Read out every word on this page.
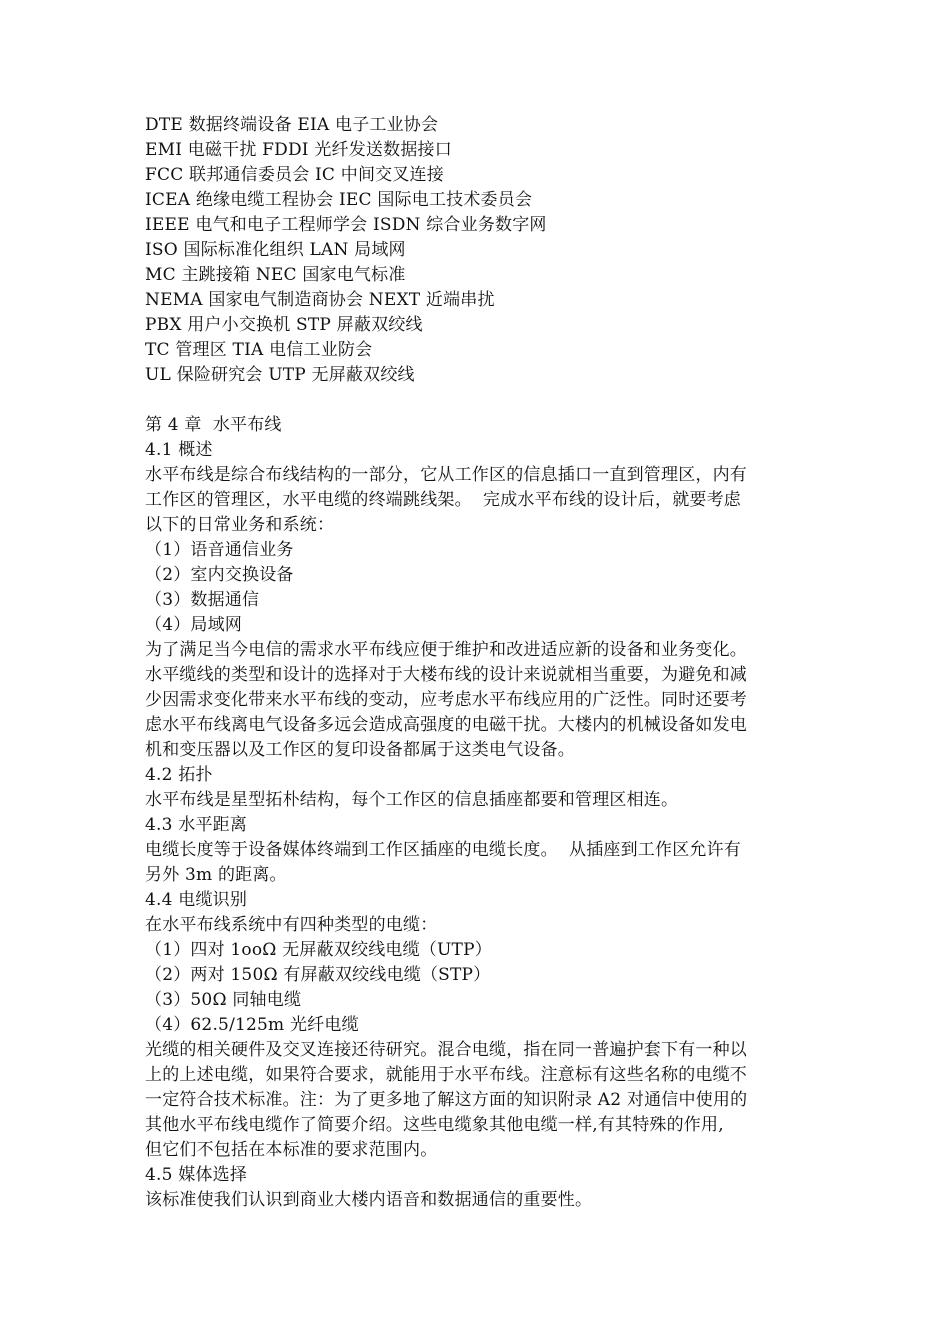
DTE 数据终端设备 EIA 电子工业协会
EMI 电磁干扰 FDDI 光纤发送数据接口
FCC 联邦通信委员会 IC 中间交叉连接
ICEA 绝缘电缆工程协会 IEC 国际电工技术委员会
IEEE 电气和电子工程师学会 ISDN 综合业务数字网
ISO 国际标准化组织 LAN 局域网
MC 主跳接箱 NEC 国家电气标准
NEMA 国家电气制造商协会 NEXT 近端串扰
PBX 用户小交换机 STP 屏蔽双绞线
TC 管理区 TIA 电信工业防会
UL 保险研究会 UTP 无屏蔽双绞线
第 4 章  水平布线
4.1 概述
水平布线是综合布线结构的一部分，它从工作区的信息插口一直到管理区，内有
工作区的管理区，水平电缆的终端跳线架。  完成水平布线的设计后，就要考虑
以下的日常业务和系统：
（1）语音通信业务
（2）室内交换设备
（3）数据通信
（4）局域网
为了满足当今电信的需求水平布线应便于维护和改进适应新的设备和业务变化。
水平缆线的类型和设计的选择对于大楼布线的设计来说就相当重要，为避免和减
少因需求变化带来水平布线的变动，应考虑水平布线应用的广泛性。同时还要考
虑水平布线离电气设备多远会造成高强度的电磁干扰。大楼内的机械设备如发电
机和变压器以及工作区的复印设备都属于这类电气设备。
4.2 拓扑
水平布线是星型拓朴结构，每个工作区的信息插座都要和管理区相连。
4.3 水平距离
电缆长度等于设备媒体终端到工作区插座的电缆长度。  从插座到工作区允许有
另外 3m 的距离。
4.4 电缆识别
在水平布线系统中有四种类型的电缆：
（1）四对 1ooΩ 无屏蔽双绞线电缆（UTP）
（2）两对 150Ω 有屏蔽双绞线电缆（STP）
（3）50Ω 同轴电缆
（4）62.5/125m 光纤电缆
光缆的相关硬件及交叉连接还待研究。混合电缆，指在同一普遍护套下有一种以
上的上述电缆，如果符合要求，就能用于水平布线。注意标有这些名称的电缆不
一定符合技术标准。注：为了更多地了解这方面的知识附录 A2 对通信中使用的
其他水平布线电缆作了简要介绍。这些电缆象其他电缆一样,有其特殊的作用,
但它们不包括在本标准的要求范围内。
4.5 媒体选择
该标准使我们认识到商业大楼内语音和数据通信的重要性。
